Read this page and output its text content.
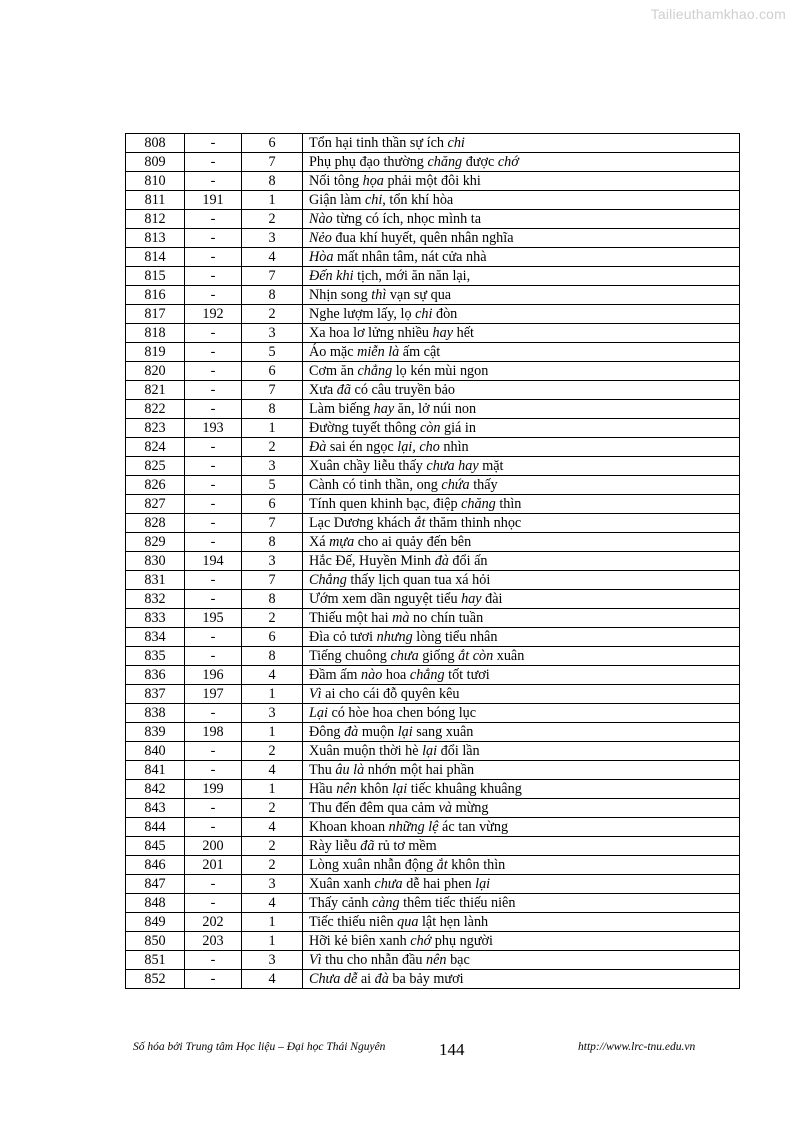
Tailieuthamkhao.com
808	-	6	Tổn hại tinh thần sự ích chi
809	-	7	Phụ phụ đạo thường chăng được chớ
810	-	8	Nối tông họa phải một đôi khi
811	191	1	Giận làm chi, tổn khí hòa
812	-	2	Nào từng có ích, nhọc mình ta
813	-	3	Nẻo đua khí huyết, quên nhân nghĩa
814	-	4	Hòa mất nhân tâm, nát cửa nhà
815	-	7	Đến khi tịch, mới ăn năn lại,
816	-	8	Nhịn song thì vạn sự qua
817	192	2	Nghe lượm lấy, lọ chi đòn
818	-	3	Xa hoa lơ lửng nhiều hay hết
819	-	5	Áo mặc miễn là ấm cật
820	-	6	Cơm ăn chẳng lọ kén mùi ngon
821	-	7	Xưa đã có câu truyền bảo
822	-	8	Làm biếng hay ăn, lở núi non
823	193	1	Đường tuyết thông còn giá in
824	-	2	Đà sai én ngọc lại, cho nhìn
825	-	3	Xuân chầy liễu thấy chưa hay mặt
826	-	5	Cành có tinh thần, ong chứa thấy
827	-	6	Tính quen khinh bạc, điệp chăng thìn
828	-	7	Lạc Dương khách ắt thăm thinh nhọc
829	-	8	Xá mựa cho ai quảy đến bên
830	194	3	Hắc Đế, Huyền Minh đà đổi ấn
831	-	7	Chẳng thấy lịch quan tua xá hỏi
832	-	8	Ướm xem dần nguyệt tiểu hay đài
833	195	2	Thiếu một hai mà no chín tuần
834	-	6	Đìa cỏ tươi nhưng lòng tiểu nhân
835	-	8	Tiếng chuông chưa giống ắt còn xuân
836	196	4	Đầm ấm nào hoa chẳng tốt tươi
837	197	1	Vì ai cho cái đỗ quyên kêu
838	-	3	Lại có hòe hoa chen bóng lục
839	198	1	Đông đà muộn lại sang xuân
840	-	2	Xuân muộn thời hè lại đổi lần
841	-	4	Thu âu là nhớn một hai phần
842	199	1	Hầu nên khôn lại tiếc khuâng khuâng
843	-	2	Thu đến đêm qua cảm và mừng
844	-	4	Khoan khoan những lệ ác tan vừng
845	200	2	Rày liễu đã rủ tơ mềm
846	201	2	Lòng xuân nhẫn động ắt khôn thìn
847	-	3	Xuân xanh chưa dễ hai phen lại
848	-	4	Thấy cảnh càng thêm tiếc thiếu niên
849	202	1	Tiếc thiếu niên qua lật hẹn lành
850	203	1	Hỡi kẻ biên xanh chớ phụ người
851	-	3	Vì thu cho nhẫn đầu nên bạc
852	-	4	Chưa dễ ai đà ba bảy mươi
Số hóa bởi Trung tâm Học liệu – Đại học Thái Nguyên	144	http://www.lrc-tnu.edu.vn
